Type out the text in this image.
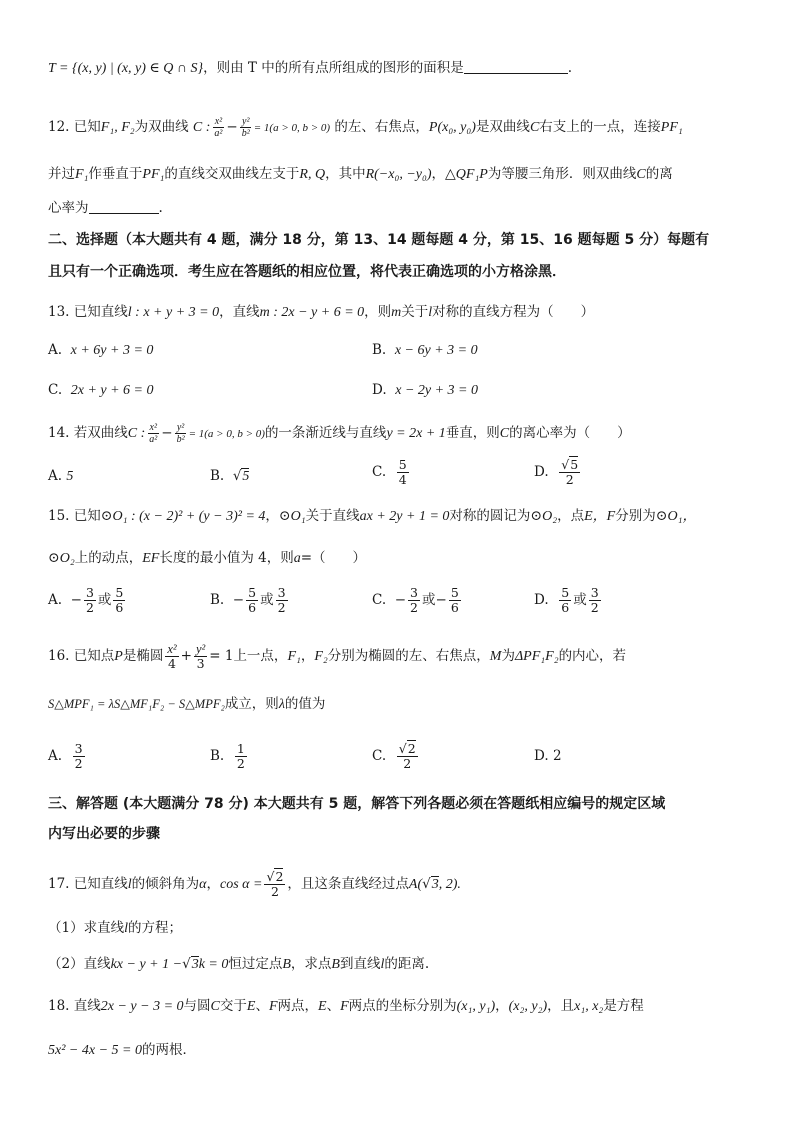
T = {(x, y) | (x, y) ∈ Q ∩ S}，则由 T 中的所有点所组成的图形的面积是	.
12. 已知F₁, F₂为双曲线 C : $\frac{\text{x²}}{\text{a²}} - \frac{\text{y²}}{\text{b²}} = 1(a > 0$, b > 0) 的左、右焦点，P(x₀, y₀)是双曲线C右支上的一点，连接PF₁
并过F₁作垂直于PF₁的直线交双曲线左支于R, Q，其中R(−x₀, −y₀)，△QF₁P为等腰三角形．则双曲线C的离
心率为	.
二、选择题（本大题共有 4 题，满分 18 分，第 13、14 题每题 4 分，第 15、16 题每题 5 分）每题有
且只有一个正确选项．考生应在答题纸的相应位置，将代表正确选项的小方格涂黑．
13. 已知直线l : x + y + 3 = 0，直线m : 2x − y + 6 = 0，则m关于l对称的直线方程为（　　）
A. x + 6y + 3 = 0	B. x − 6y + 3 = 0
C. 2x + y + 6 = 0	D. x − 2y + 3 = 0
14. 若双曲线C : $\frac{\text{x²}}{\text{a²}} - \frac{\text{y²}}{\text{b²}} = 1(a > 0$, b > 0)的一条渐近线与直线y = 2x + 1垂直，则C的离心率为（　　）
A. 5	B. √ 5	C. $\frac{5}{4}$	D. √ $\frac{5}{2}$
15. 已知⊙O₁ : (x − 2)² + (y − 3)² = 4，⊙O₁关于直线ax + 2y + 1 = 0对称的圆记为⊙O₂，点E，F分别为⊙O₁，
⊙O₂上的动点，EF长度的最小值为 4，则a=（　　）
A.  − $\frac{3}{2}$ 或 $\frac{5}{6}$	B.  − $\frac{5}{6}$ 或 $\frac{3}{2}$	C.  − $\frac{3}{2}$ 或− $\frac{5}{6}$	D. $\frac{5}{6}$ 或 $\frac{3}{2}$
16. 已知点P是椭圆 $\frac{\text{x²}}{4} + \frac{\text{y²}}{3} = 1$上一点，F₁，F₂分别为椭圆的左、右焦点，M为ΔPF₁F₂的内心，若
S△MPF₁ = λS△MF₁F₂ − S△MPF₂成立，则λ的值为
A. $\frac{3}{2}$	B. $\frac{1}{2}$	C. √ $\frac{2}{2}$	D. 2
三、解答题 (本大题满分 78 分) 本大题共有 5 题，解答下列各题必须在答题纸相应编号的规定区域
内写出必要的步骤
17. 已知直线l的倾斜角为α，cos α = √ $\frac{2}{2}$ ，且这条直线经过点A( √ 3, 2).
（1）求直线l的方程；
（2）直线kx − y + 1 − √ 3k = 0恒过定点B，求点B到直线l的距离.
18. 直线2x − y − 3 = 0与圆C交于E、F两点，E、F两点的坐标分别为(x₁, y₁)，(x₂, y₂)，且x₁, x₂是方程
5x² − 4x − 5 = 0的两根．
